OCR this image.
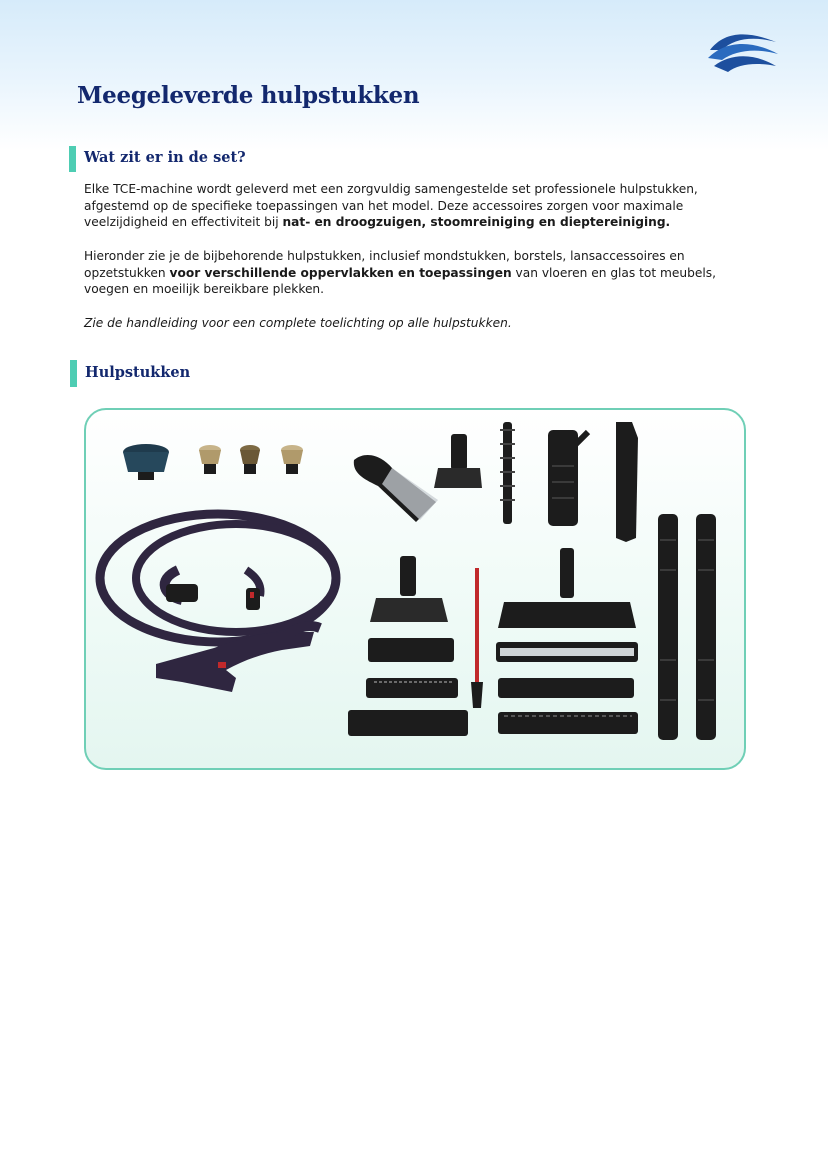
Meegeleverde hulpstukken
Wat zit er in de set?

Elke TCE-machine wordt geleverd met een zorgvuldig samengestelde set professionele hulpstukken, afgestemd op de specifieke toepassingen van het model. Deze accessoires zorgen voor maximale veelzijdigheid en effectiviteit bij nat- en droogzuigen, stoomreiniging en dieptereiniging.

Hieronder zie je de bijbehorende hulpstukken, inclusief mondstukken, borstels, lansaccessoires en opzetstukken voor verschillende oppervlakken en toepassingen van vloeren en glas tot meubels, voegen en moeilijk bereikbare plekken.

Zie de handleiding voor een complete toelichting op alle hulpstukken.

Hulpstukken
